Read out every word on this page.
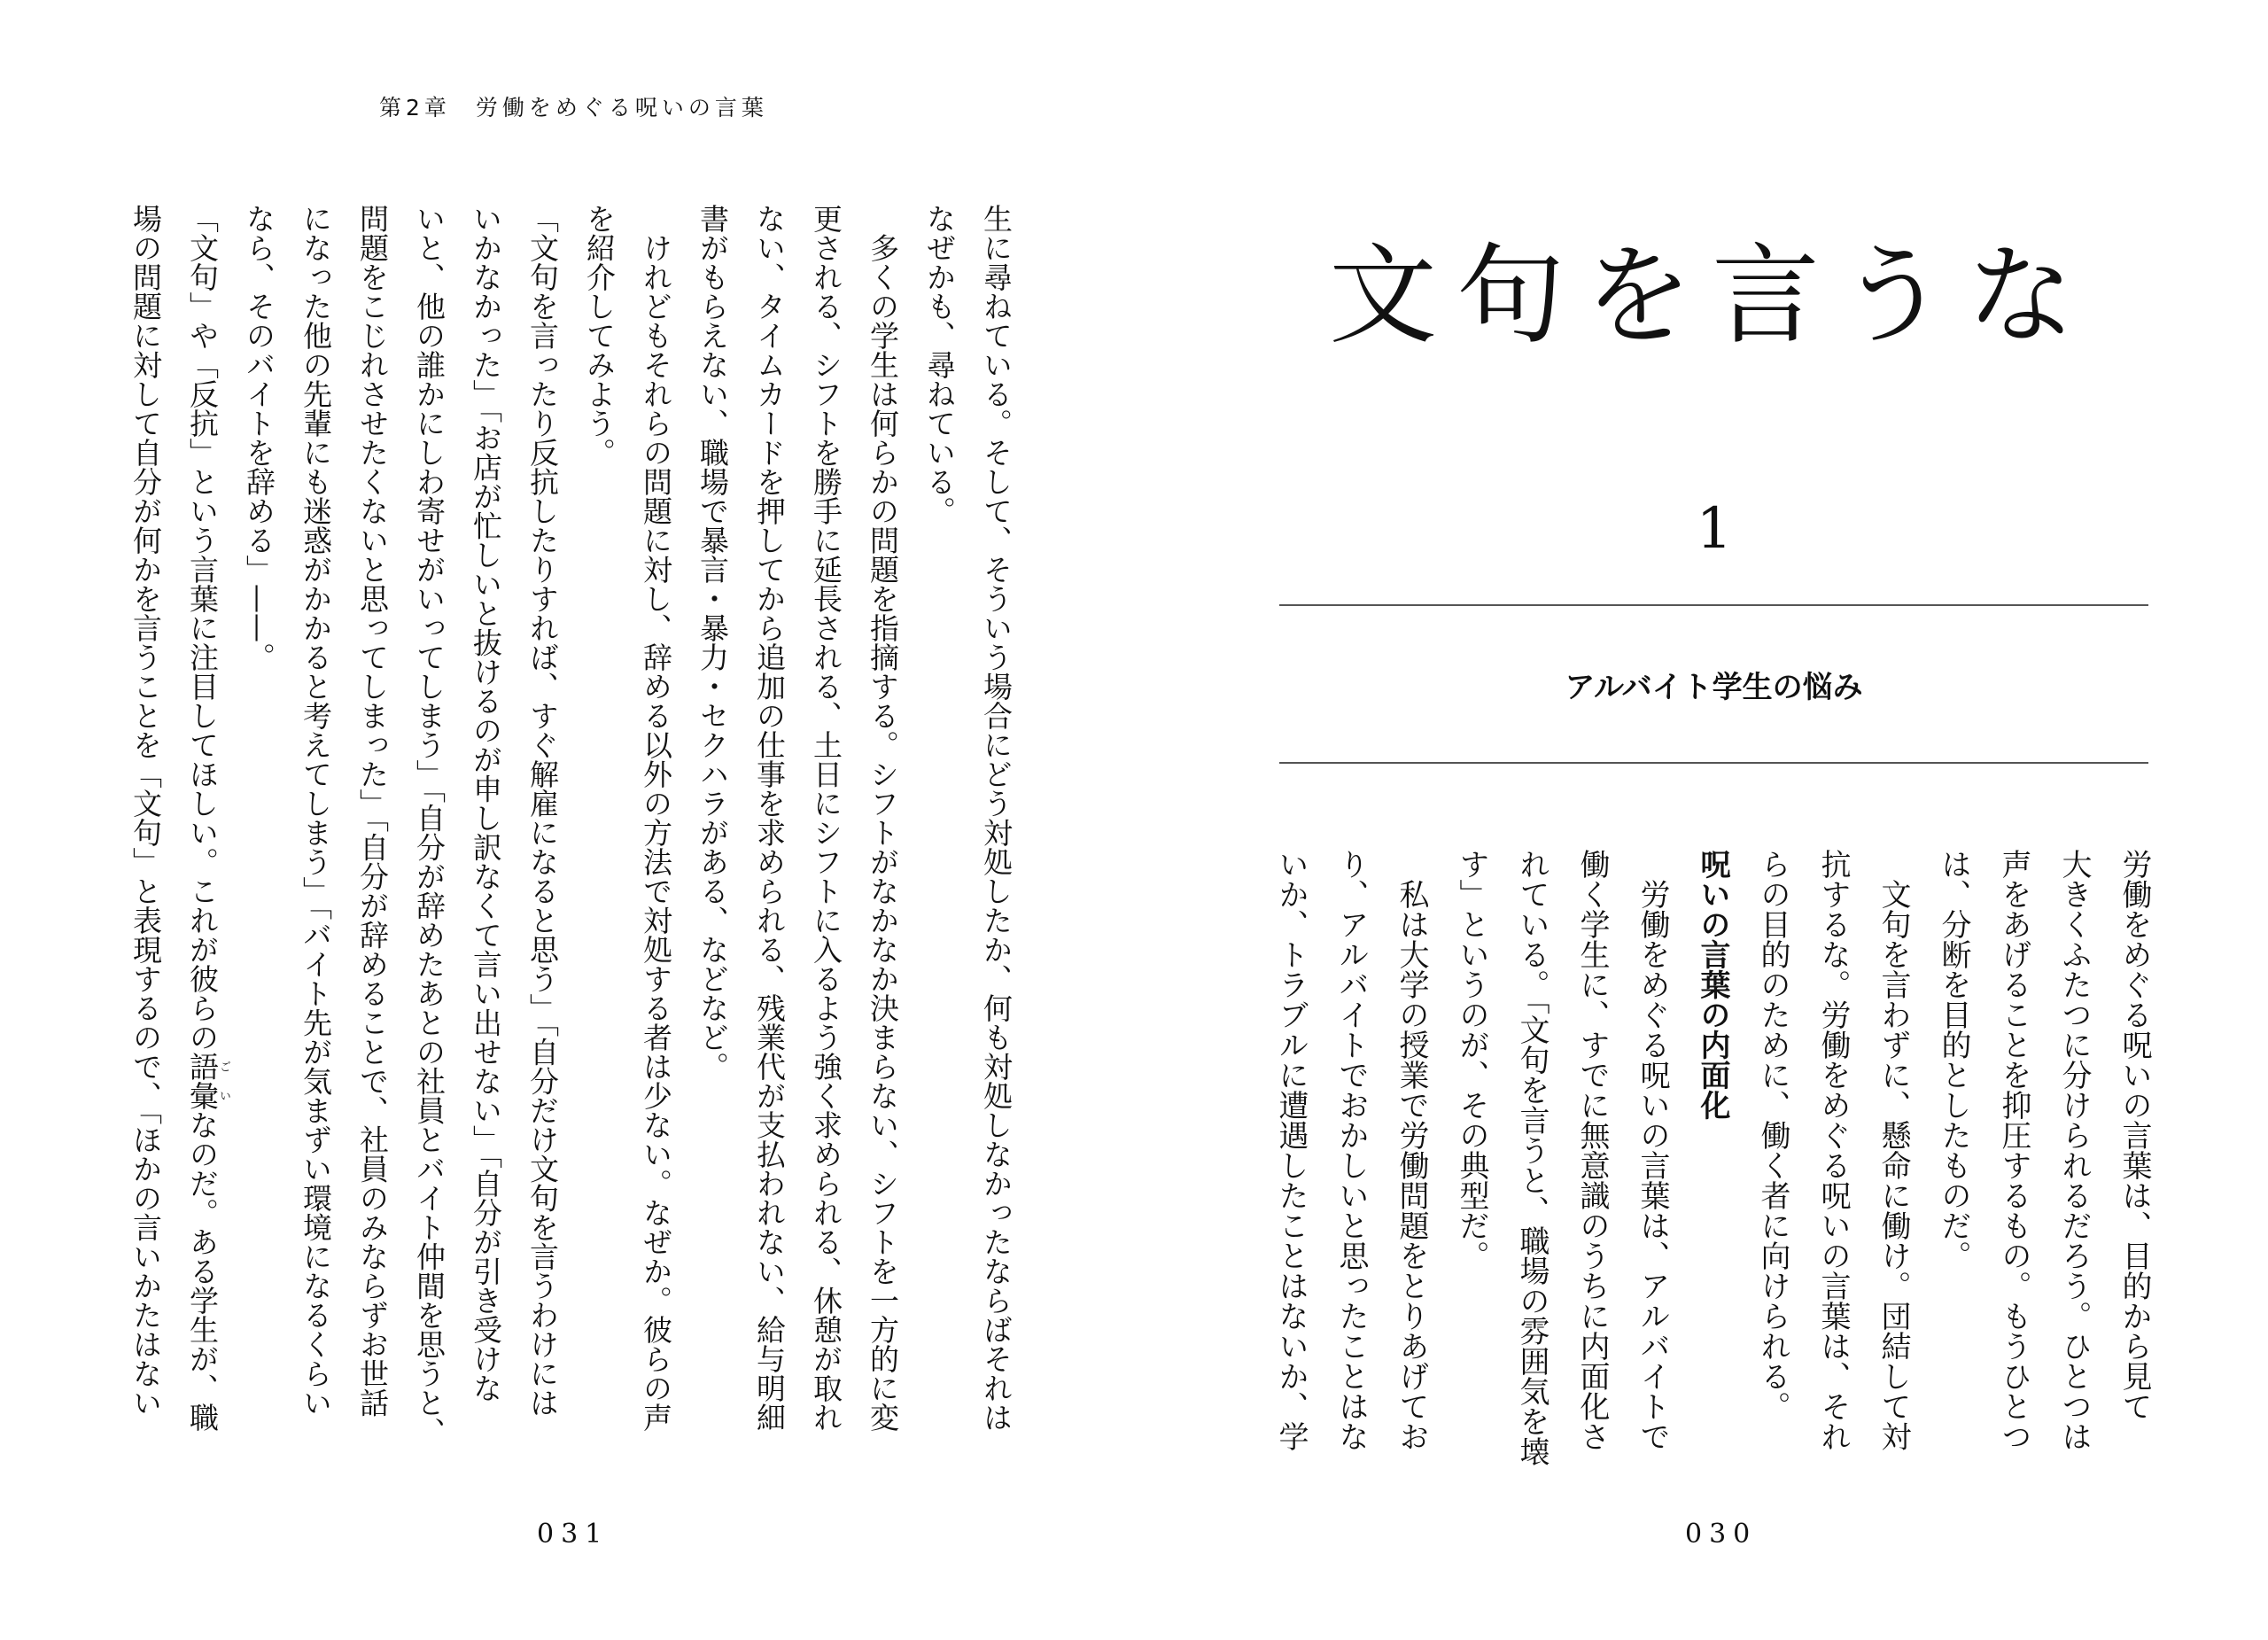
第2章 労働をめぐる呪いの言葉
生に尋ねている。そして、そういう場合にどう対処したか、何も対処しなかったならばそれは
なぜかも、尋ねている。
　多くの学生は何らかの問題を指摘する。シフトがなかなか決まらない、シフトを一方的に変
更される、シフトを勝手に延長される、土日にシフトに入るよう強く求められる、休憩が取れ
ない、タイムカードを押してから追加の仕事を求められる、残業代が支払われない、給与明細
書がもらえない、職場で暴言・暴力・セクハラがある、などなど。
　けれどもそれらの問題に対し、辞める以外の方法で対処する者は少ない。なぜか。彼らの声
を紹介してみよう。
「文句を言ったり反抗したりすれば、すぐ解雇になると思う」「自分だけ文句を言うわけには
いかなかった」「お店が忙しいと抜けるのが申し訳なくて言い出せない」「自分が引き受けな
いと、他の誰かにしわ寄せがいってしまう」「自分が辞めたあとの社員とバイト仲間を思うと、
問題をこじれさせたくないと思ってしまった」「自分が辞めることで、社員のみならずお世話
になった他の先輩にも迷惑がかかると考えてしまう」「バイト先が気まずい環境になるくらい
なら、そのバイトを辞める」——。
「文句」や「反抗」という言葉に注目してほしい。これが彼らの語彙ごいなのだ。ある学生が、職
場の問題に対して自分が何かを言うことを「文句」と表現するので、「ほかの言いかたはない
031
文句を言うな
1
アルバイト学生の悩み
労働をめぐる呪いの言葉は、目的から見て
大きくふたつに分けられるだろう。ひとつは
声をあげることを抑圧するもの。もうひとつ
は、分断を目的としたものだ。
　文句を言わずに、懸命に働け。団結して対
抗するな。労働をめぐる呪いの言葉は、それ
らの目的のために、働く者に向けられる。
呪いの言葉の内面化
　労働をめぐる呪いの言葉は、アルバイトで
働く学生に、すでに無意識のうちに内面化さ
れている。「文句を言うと、職場の雰囲気を壊
す」というのが、その典型だ。
　私は大学の授業で労働問題をとりあげてお
り、アルバイトでおかしいと思ったことはな
いか、トラブルに遭遇したことはないか、学
030
